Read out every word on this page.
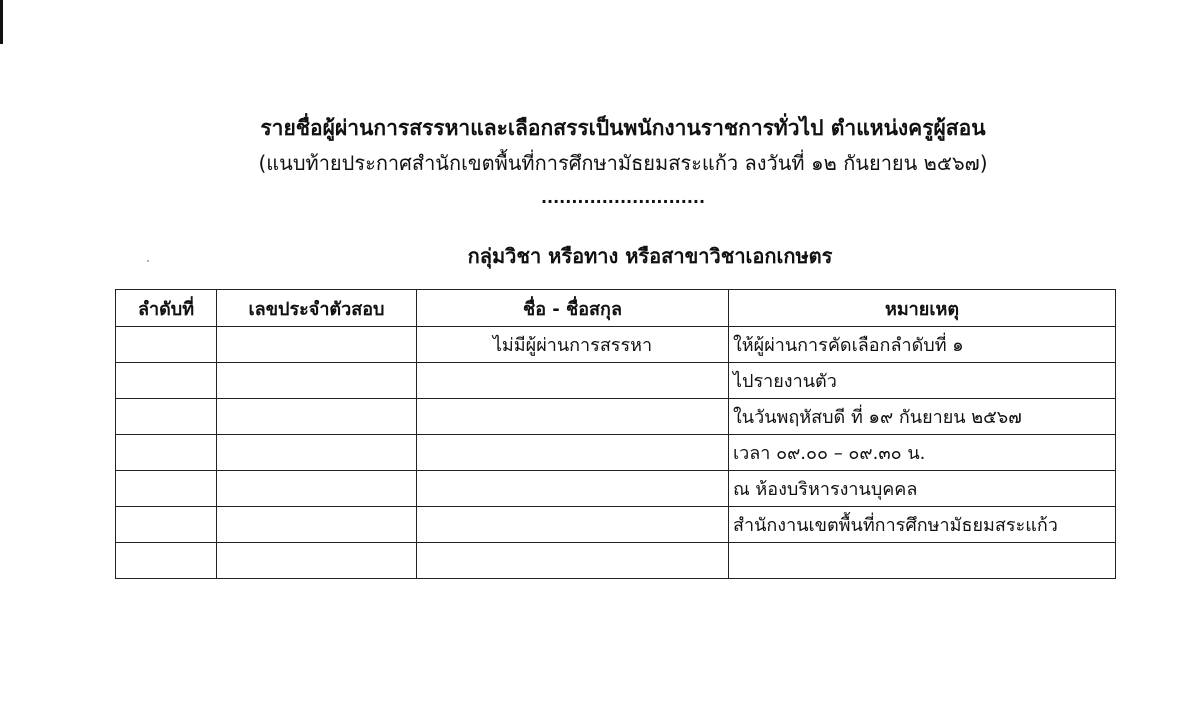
รายชื่อผู้ผ่านการสรรหาและเลือกสรรเป็นพนักงานราชการทั่วไป ตำแหน่งครูผู้สอน
(แนบท้ายประกาศสำนักเขตพื้นที่การศึกษามัธยมสระแก้ว ลงวันที่ ๑๒ กันยายน ๒๕๖๗)
...........................
กลุ่มวิชา หรือทาง หรือสาขาวิชาเอกเกษตร
ลำดับที่	เลขประจำตัวสอบ	ชื่อ - ชื่อสกุล	หมายเหตุ
		ไม่มีผู้ผ่านการสรรหา	ให้ผู้ผ่านการคัดเลือกลำดับที่ ๑
			ไปรายงานตัว
			ในวันพฤหัสบดี ที่ ๑๙ กันยายน ๒๕๖๗
			เวลา ๐๙.๐๐ – ๐๙.๓๐ น.
			ณ ห้องบริหารงานบุคคล
			สำนักงานเขตพื้นที่การศึกษามัธยมสระแก้ว
